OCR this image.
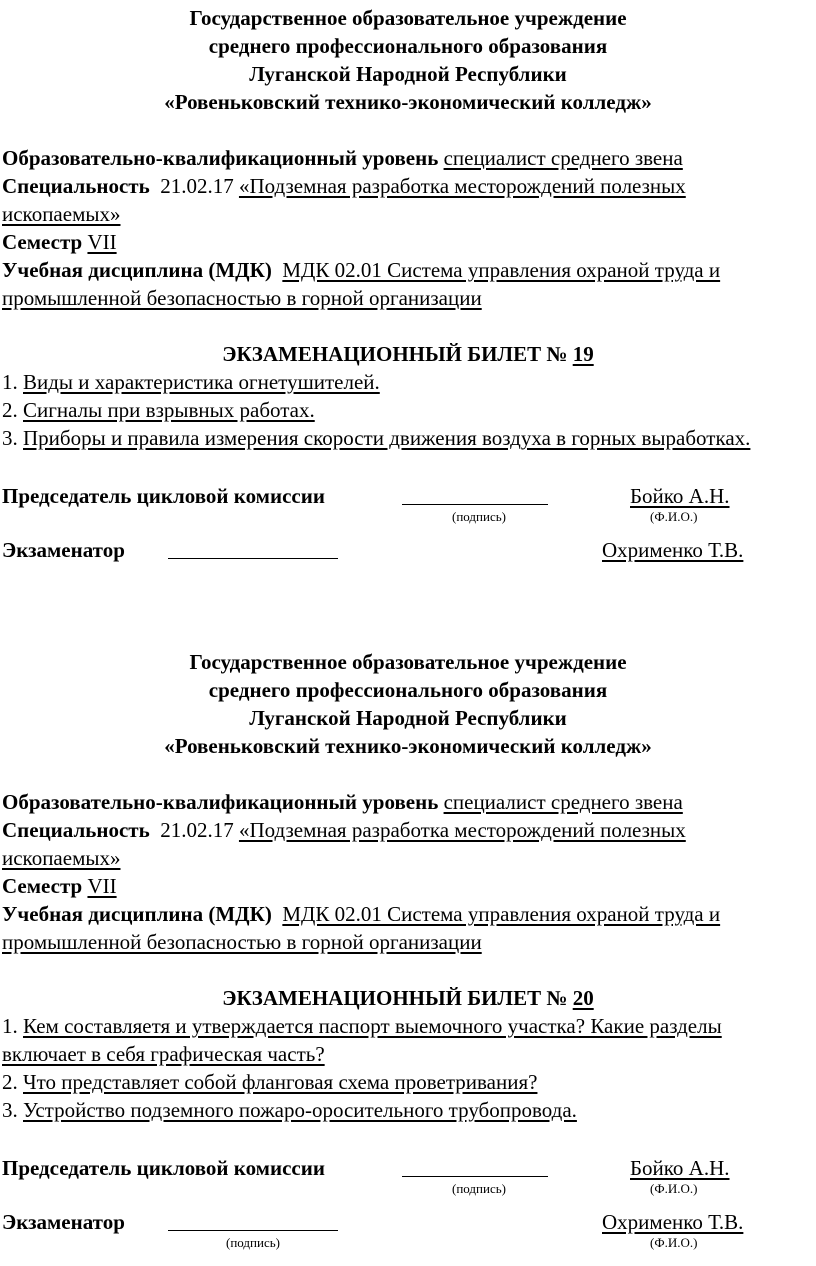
Государственное образовательное учреждение
среднего профессионального образования
Луганской Народной Республики
«Ровеньковский технико-экономический колледж»

Образовательно-квалификационный уровень специалист среднего звена

Специальность 21.02.17 «Подземная разработка месторождений полезных ископаемых»

Семестр VII

Учебная дисциплина (МДК) МДК 02.01 Система управления охраной труда и промышленной безопасностью в горной организации

ЭКЗАМЕНАЦИОННЫЙ БИЛЕТ № 19

1. Виды и характеристика огнетушителей.

2. Сигналы при взрывных работах.

3. Приборы и правила измерения скорости движения воздуха в горных выработках.

Председатель цикловой комиссии	Бойко А.Н.
(подпись)	(Ф.И.О.)
Экзаменатор	Охрименко Т.В.
Государственное образовательное учреждение
среднего профессионального образования
Луганской Народной Республики
«Ровеньковский технико-экономический колледж»

Образовательно-квалификационный уровень специалист среднего звена

Специальность 21.02.17 «Подземная разработка месторождений полезных ископаемых»

Семестр VII

Учебная дисциплина (МДК) МДК 02.01 Система управления охраной труда и промышленной безопасностью в горной организации

ЭКЗАМЕНАЦИОННЫЙ БИЛЕТ № 20

1. Кем составляетя и утверждается паспорт выемочного участка? Какие разделы включает в себя графическая часть?

2. Что представляет собой фланговая схема проветривания?

3. Устройство подземного пожаро-оросительного трубопровода.

Председатель цикловой комиссии	Бойко А.Н.
(подпись)	(Ф.И.О.)
Экзаменатор	Охрименко Т.В.
(подпись)	(Ф.И.О.)
